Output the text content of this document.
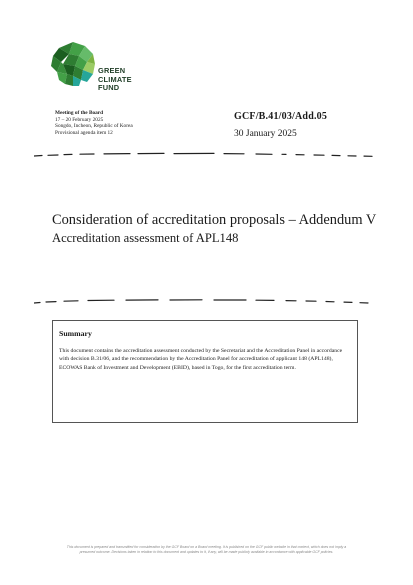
GREEN
CLIMATE
FUND
Meeting of the Board
17 – 20 February 2025
Songdo, Incheon, Republic of Korea
Provisional agenda item 12
GCF/B.41/03/Add.05
30 January 2025
Consideration of accreditation proposals – Addendum V
Accreditation assessment of APL148
Summary
This document contains the accreditation assessment conducted by the Secretariat and the Accreditation Panel in accordance with decision B.31/06, and the recommendation by the Accreditation Panel for accreditation of applicant 148 (APL148), ECOWAS Bank of Investment and Development (EBID), based in Togo, for the first accreditation term.
This document is prepared and transmitted for consideration by the GCF Board on a Board meeting. It is published on the GCF public website in that context, which does not imply a presumed outcome. Decisions taken in relation to this document and updates to it, if any, will be made publicly available in accordance with applicable GCF policies.
